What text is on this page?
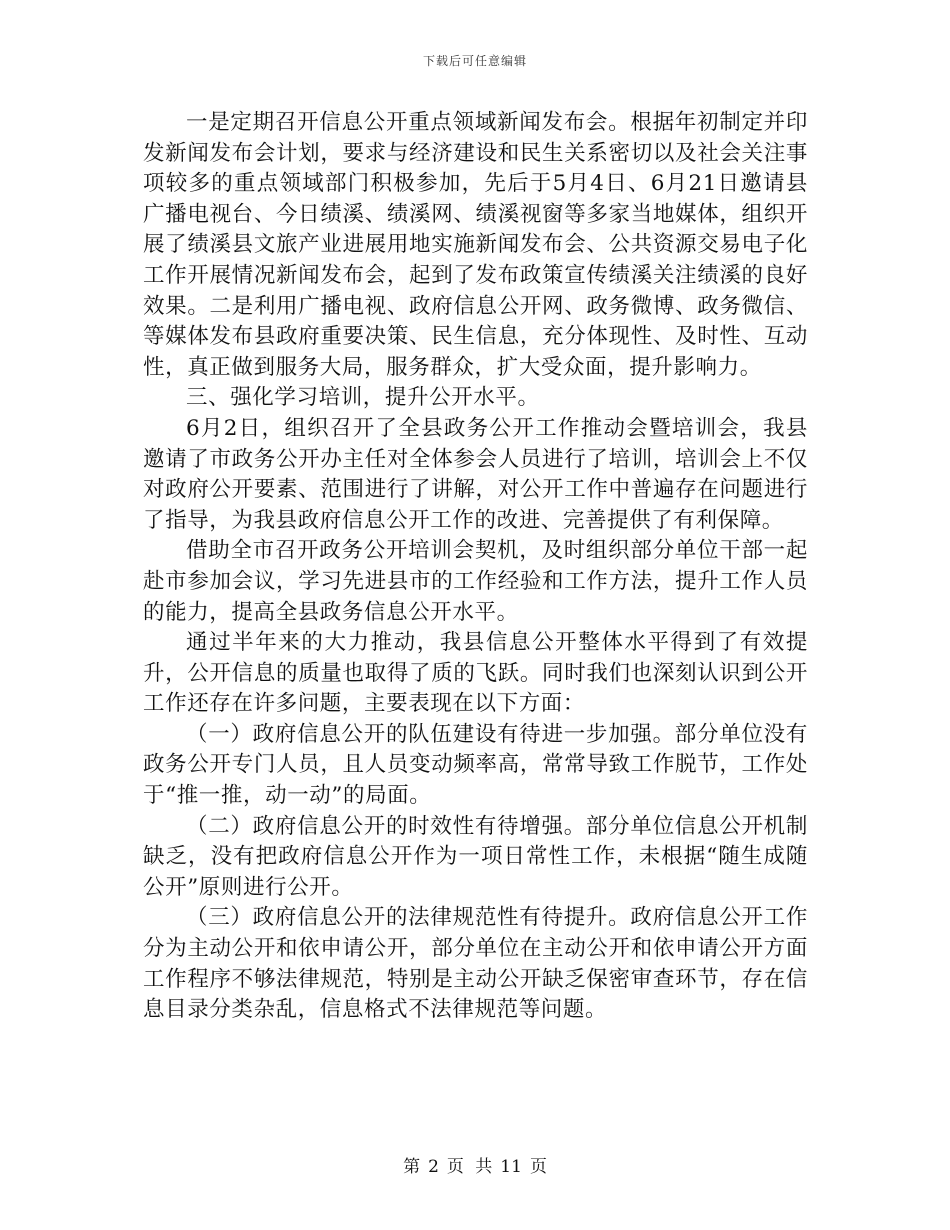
下载后可任意编辑

一是定期召开信息公开重点领域新闻发布会。根据年初制定并印发新闻发布会计划，要求与经济建设和民生关系密切以及社会关注事项较多的重点领域部门积极参加，先后于5月4日、6月21日邀请县广播电视台、今日绩溪、绩溪网、绩溪视窗等多家当地媒体，组织开展了绩溪县文旅产业进展用地实施新闻发布会、公共资源交易电子化工作开展情况新闻发布会，起到了发布政策宣传绩溪关注绩溪的良好效果。二是利用广播电视、政府信息公开网、政务微博、政务微信、等媒体发布县政府重要决策、民生信息，充分体现性、及时性、互动性，真正做到服务大局，服务群众，扩大受众面，提升影响力。

三、强化学习培训，提升公开水平。

6月2日，组织召开了全县政务公开工作推动会暨培训会，我县邀请了市政务公开办主任对全体参会人员进行了培训，培训会上不仅对政府公开要素、范围进行了讲解，对公开工作中普遍存在问题进行了指导，为我县政府信息公开工作的改进、完善提供了有利保障。

借助全市召开政务公开培训会契机，及时组织部分单位干部一起赴市参加会议，学习先进县市的工作经验和工作方法，提升工作人员的能力，提高全县政务信息公开水平。

通过半年来的大力推动，我县信息公开整体水平得到了有效提升，公开信息的质量也取得了质的飞跃。同时我们也深刻认识到公开工作还存在许多问题，主要表现在以下方面：

（一）政府信息公开的队伍建设有待进一步加强。部分单位没有政务公开专门人员，且人员变动频率高，常常导致工作脱节，工作处于“推一推，动一动”的局面。

（二）政府信息公开的时效性有待增强。部分单位信息公开机制缺乏，没有把政府信息公开作为一项日常性工作，未根据“随生成随公开”原则进行公开。

（三）政府信息公开的法律规范性有待提升。政府信息公开工作分为主动公开和依申请公开，部分单位在主动公开和依申请公开方面工作程序不够法律规范，特别是主动公开缺乏保密审查环节，存在信息目录分类杂乱，信息格式不法律规范等问题。

第 2 页 共 11 页
